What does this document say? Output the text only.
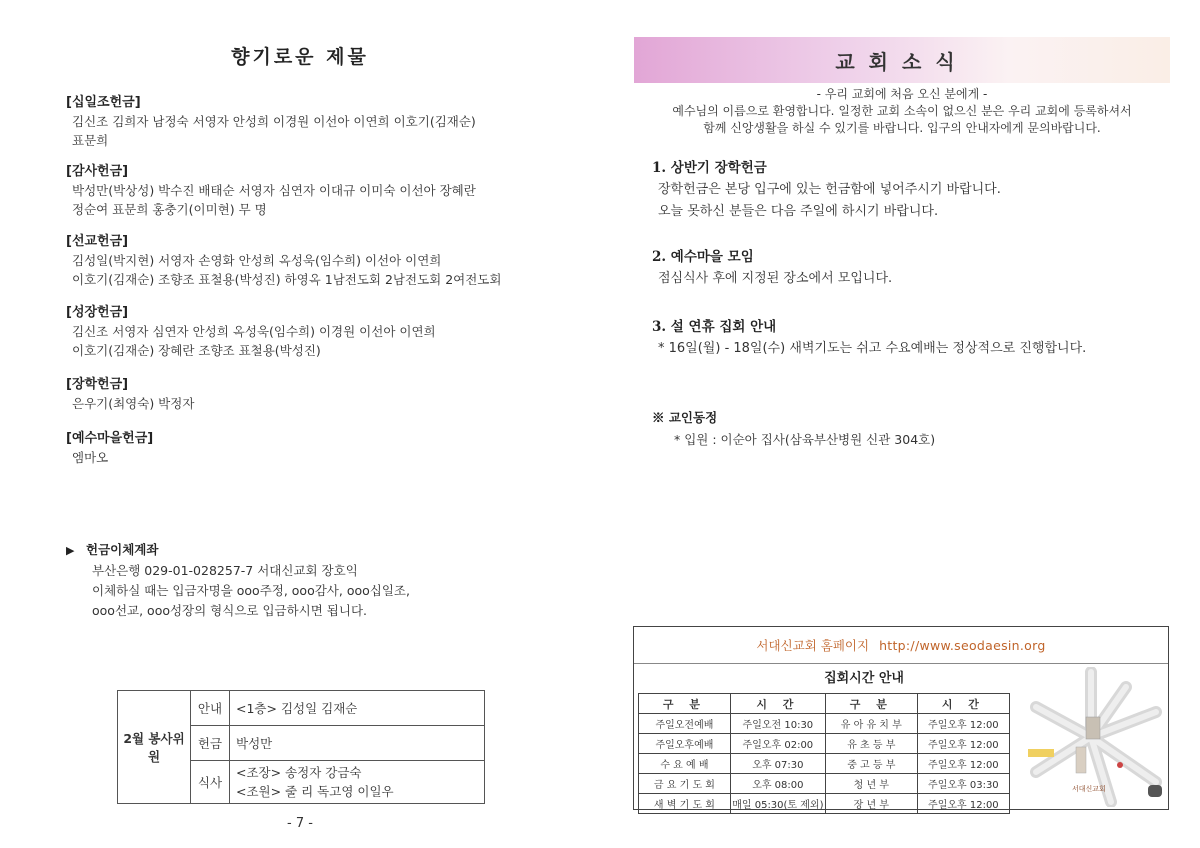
향기로운 제물
[십일조헌금]
김신조 김희자 남정숙 서영자 안성희 이경원 이선아 이연희 이호기(김재순)
표문희
[감사헌금]
박성만(박상성) 박수진 배태순 서영자 심연자 이대규 이미숙 이선아 장혜란
정순여 표문희 홍충기(이미현) 무 명
[선교헌금]
김성일(박지현) 서영자 손영화 안성희 옥성욱(임수희) 이선아 이연희
이호기(김재순) 조향조 표철용(박성진) 하영옥 1남전도회 2남전도회 2여전도회
[성장헌금]
김신조 서영자 심연자 안성희 옥성욱(임수희) 이경원 이선아 이연희
이호기(김재순) 장혜란 조향조 표철용(박성진)
[장학헌금]
은우기(최영숙) 박정자
[예수마을헌금]
엠마오
▶ 헌금이체계좌
부산은행 029-01-028257-7 서대신교회 장호익
이체하실 때는 입금자명을 ooo주정, ooo감사, ooo십일조,
ooo선교, ooo성장의 형식으로 입금하시면 됩니다.
2월 봉사위원	안내	<1층> 김성일 김재순
	헌금	박성만
	식사	<조장> 송정자 강금숙
<조원> 줄 리 독고영 이일우
- 7 -
교회소식
- 우리 교회에 처음 오신 분에게 -
예수님의 이름으로 환영합니다. 일정한 교회 소속이 없으신 분은 우리 교회에 등록하셔서
함께 신앙생활을 하실 수 있기를 바랍니다. 입구의 안내자에게 문의바랍니다.
1. 상반기 장학헌금
장학헌금은 본당 입구에 있는 헌금함에 넣어주시기 바랍니다.
오늘 못하신 분들은 다음 주일에 하시기 바랍니다.
2. 예수마을 모임
점심식사 후에 지정된 장소에서 모입니다.
3. 설 연휴 집회 안내
* 16일(월) - 18일(수) 새벽기도는 쉬고 수요예배는 정상적으로 진행합니다.
※ 교인동정
* 입원 : 이순아 집사(삼육부산병원 신관 304호)
서대신교회 홈페이지 http://www.seodaesin.org
집회시간 안내
구 분	시 간	구 분	시 간
주일오전예배	주일오전 10:30	유 아 유 치 부	주일오후 12:00
주일오후예배	주일오후 02:00	유 초 등 부	주일오후 12:00
수 요 예 배	오후 07:30	중 고 등 부	주일오후 12:00
금 요 기 도 회	오후 08:00	청 년 부	주일오후 03:30
새 벽 기 도 회	매일 05:30(토 제외)	장 년 부	주일오후 12:00
서대신교회
